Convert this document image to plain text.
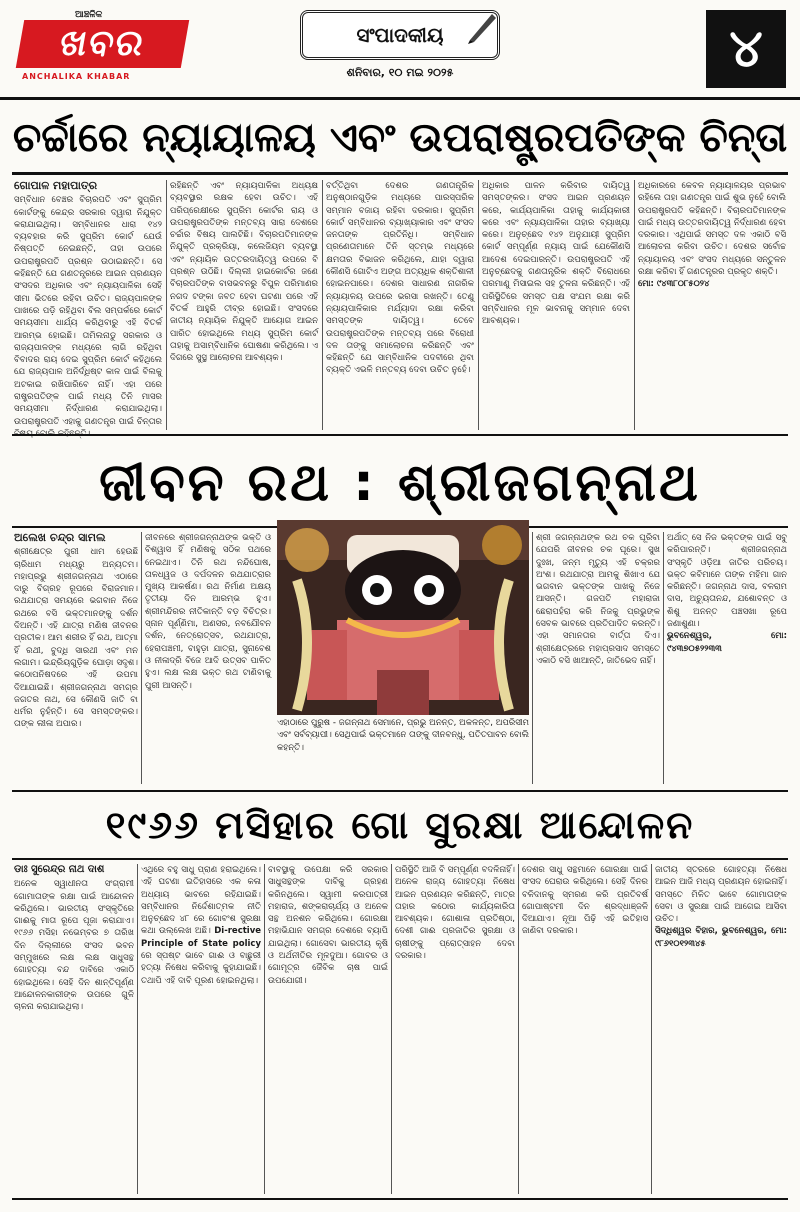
ଖବର
ଆଞ୍ଚଳିକ
ANCHALIKA KHABAR
ସଂପାଦକୀୟ
ଶନିବାର, ୧୦ ମଇ ୨୦୨୫	୪
ଚର୍ଚ୍ଚାରେ ନ୍ୟାୟାଳୟ ଏବଂ ଉପରାଷ୍ଟ୍ରପତିଙ୍କ ଚିନ୍ତା
ଗୋପାଳ ମହାପାତ୍ର
ସମ୍ବିଧାନ ବେଞ୍ଚର ବିଚାରପତି ଏବଂ ସୁପ୍ରିମ କୋର୍ଟଙ୍କୁ କେନ୍ଦ୍ର ସରକାର ଦ୍ୱାରା ନିଯୁକ୍ତ କରାଯାଇଥିଲା। ସମ୍ବିଧାନର ଧାରା ୧୪୨ ବ୍ୟବହାର କରି ସୁପ୍ରିମ କୋର୍ଟ ଯେଉଁ ନିଷ୍ପତ୍ତି ନେଇଛନ୍ତି, ତାହା ଉପରେ ଉପରାଷ୍ଟ୍ରପତି ପ୍ରଶ୍ନ ଉଠାଇଛନ୍ତି। ସେ କହିଛନ୍ତି ଯେ ଗଣତନ୍ତ୍ରରେ ଆଇନ ପ୍ରଣୟନ ସଂସଦର ଅଧିକାର ଏବଂ ନ୍ୟାୟପାଳିକା ସେହି ସୀମା ଭିତରେ ରହିବା ଉଚିତ। ରାଜ୍ୟପାଳଙ୍କ ପାଖରେ ପଡ଼ି ରହିଥିବା ବିଲ ସମ୍ପର୍କରେ କୋର୍ଟ ସମୟସୀମା ଧାର୍ଯ୍ୟ କରିଥିବାରୁ ଏହି ବିତର୍କ ଆରମ୍ଭ ହୋଇଛି। ତାମିଲନାଡୁ ସରକାର ଓ ରାଜ୍ୟପାଳଙ୍କ ମଧ୍ୟରେ ଲାଗି ରହିଥିବା ବିବାଦର ରାୟ ଦେଇ ସୁପ୍ରିମ କୋର୍ଟ କହିଥିଲେ ଯେ ରାଜ୍ୟପାଳ ଅନିର୍ଦ୍ଧିଷ୍ଟ କାଳ ପାଇଁ ବିଲକୁ ଅଟକାଇ ରଖିପାରିବେ ନାହିଁ। ଏହା ପରେ ରାଷ୍ଟ୍ରପତିଙ୍କ ପାଇଁ ମଧ୍ୟ ତିନି ମାସର ସମୟସୀମା ନିର୍ଦ୍ଧାରଣ କରାଯାଇଥିଲା। ଉପରାଷ୍ଟ୍ରପତି ଏହାକୁ ଗଣତନ୍ତ୍ର ପାଇଁ ଚିନ୍ତାର
ରହିଛନ୍ତି ଏବଂ ନ୍ୟାୟପାଳିକା ଅଧ୍ୟକ୍ଷ ବ୍ୟବସ୍ଥାର ରକ୍ଷକ ହେବା ଉଚିତ। ଏହି ପରିପ୍ରେକ୍ଷୀରେ ସୁପ୍ରିମ କୋର୍ଟର ରାୟ ଓ ଉପରାଷ୍ଟ୍ରପତିଙ୍କ ମନ୍ତବ୍ୟ ସାରା ଦେଶରେ ଚର୍ଚ୍ଚାର ବିଷୟ ପାଲଟିଛି। ବିଚାରପତିମାନଙ୍କ ନିଯୁକ୍ତି ପ୍ରକ୍ରିୟା, କଲେଜିୟମ ବ୍ୟବସ୍ଥା ଏବଂ ନ୍ୟାୟିକ ଉତ୍ତରଦାୟିତ୍ୱ ଉପରେ ବି ପ୍ରଶ୍ନ ଉଠିଛି। ଦିଲ୍ଲୀ ହାଇକୋର୍ଟର ଜଣେ ବିଚାରପତିଙ୍କ ବାସଭବନରୁ ବିପୁଳ ପରିମାଣର ନଗଦ ଟଙ୍କା ଜବତ ହେବା ଘଟଣା ପରେ ଏହି ବିତର୍କ ଆହୁରି ତୀବ୍ର ହୋଇଛି। ସଂସଦରେ ଜାତୀୟ ନ୍ୟାୟିକ ନିଯୁକ୍ତି ଆୟୋଗ ଆଇନ ପାରିତ ହୋଇଥିଲେ ମଧ୍ୟ ସୁପ୍ରିମ କୋର୍ଟ ତାହାକୁ ଅସାମ୍ବିଧାନିକ ଘୋଷଣା କରିଥିଲେ। ଏ ଦିଗରେ ସୁସ୍ଥ ଆଲୋଚନା ଆବଶ୍ୟକ।
ବର୍ତ୍ତିଥିବା ଦେଶର ଗଣତାନ୍ତ୍ରିକ ଅନୁଷ୍ଠାନଗୁଡ଼ିକ ମଧ୍ୟରେ ପାରସ୍ପରିକ ସମ୍ମାନ ବଜାୟ ରହିବା ଦରକାର। ସୁପ୍ରିମ କୋର୍ଟ ସମ୍ବିଧାନର ବ୍ୟାଖ୍ୟାକାର ଏବଂ ସଂସଦ ଜନତାଙ୍କ ପ୍ରତିନିଧି। ସମ୍ବିଧାନ ପ୍ରଣେତାମାନେ ତିନି ସ୍ତମ୍ଭ ମଧ୍ୟରେ କ୍ଷମତାର ବିଭାଜନ କରିଥିଲେ, ଯାହା ଦ୍ୱାରା କୌଣସି ଗୋଟିଏ ଅଙ୍ଗ ଅତ୍ୟଧିକ ଶକ୍ତିଶାଳୀ ହୋଇନପାରେ। ଦେଶର ସାଧାରଣ ନାଗରିକ ନ୍ୟାୟାଳୟ ଉପରେ ଭରସା ରଖନ୍ତି। ତେଣୁ ନ୍ୟାୟପାଳିକାର ମର୍ଯ୍ୟାଦା ରକ୍ଷା କରିବା ସମସ୍ତଙ୍କ ଦାୟିତ୍ୱ। ତେବେ ଉପରାଷ୍ଟ୍ରପତିଙ୍କ ମନ୍ତବ୍ୟ ପରେ ବିରୋଧୀ ଦଳ ତାଙ୍କୁ ସମାଲୋଚନା କରିଛନ୍ତି ଏବଂ କହିଛନ୍ତି ଯେ ସାମ୍ବିଧାନିକ ପଦବୀରେ ଥିବା ବ୍ୟକ୍ତି ଏଭଳି ମନ୍ତବ୍ୟ ଦେବା ଉଚିତ ନୁହେଁ।
ଅଧିକାର ପାଳନ କରିବାର ଦାୟିତ୍ୱ ସମସ୍ତଙ୍କର। ସଂସଦ ଆଇନ ପ୍ରଣୟନ କରେ, କାର୍ଯ୍ୟପାଳିକା ତାହାକୁ କାର୍ଯ୍ୟକାରୀ କରେ ଏବଂ ନ୍ୟାୟପାଳିକା ତାହାର ବ୍ୟାଖ୍ୟା କରେ। ଅନୁଚ୍ଛେଦ ୧୪୨ ଅନୁଯାୟୀ ସୁପ୍ରିମ କୋର୍ଟ ସମ୍ପୂର୍ଣ୍ଣ ନ୍ୟାୟ ପାଇଁ ଯେକୌଣସି ଆଦେଶ ଦେଇପାରନ୍ତି। ଉପରାଷ୍ଟ୍ରପତି ଏହି ଅନୁଚ୍ଛେଦକୁ ଗଣତାନ୍ତ୍ରିକ ଶକ୍ତି ବିରୋଧରେ ପରମାଣୁ ମିସାଇଲ ସହ ତୁଳନା କରିଛନ୍ତି। ଏହି ପରିସ୍ଥିତିରେ ସମସ୍ତ ପକ୍ଷ ସଂଯମ ରକ୍ଷା କରି ସମ୍ବିଧାନର ମୂଳ ଭାବନାକୁ ସମ୍ମାନ ଦେବା ଆବଶ୍ୟକ।
ଅଧିକାରରେ କେବଳ ନ୍ୟାୟାଳୟର ପ୍ରଭାବ ରହିଲେ ତାହା ଗଣତନ୍ତ୍ର ପାଇଁ ଶୁଭ ନୁହେଁ ବୋଲି ଉପରାଷ୍ଟ୍ରପତି କହିଛନ୍ତି। ବିଚାରପତିମାନଙ୍କ ପାଇଁ ମଧ୍ୟ ଉତ୍ତରଦାୟିତ୍ୱ ନିର୍ଦ୍ଧାରଣ ହେବା ଦରକାର। ଏଥିପାଇଁ ସମସ୍ତ ଦଳ ଏକାଠି ବସି ଆଲୋଚନା କରିବା ଉଚିତ। ଦେଶର ସର୍ବୋଚ୍ଚ ନ୍ୟାୟାଳୟ ଏବଂ ସଂସଦ ମଧ୍ୟରେ ସନ୍ତୁଳନ ରକ୍ଷା କରିବା ହିଁ ଗଣତନ୍ତ୍ରର ପ୍ରକୃତ ଶକ୍ତି।
ମୋ: ୯୪୩୮୦୮୫୦୨୪
ଜୀବନ ରଥ : ଶ୍ରୀଜଗନ୍ନାଥ
ଅଲେଖ ଚନ୍ଦ୍ର ସାମଲ
ଶ୍ରୀକ୍ଷେତ୍ର ପୁରୀ ଧାମ ହେଉଛି ଚାରିଧାମ ମଧ୍ୟରୁ ଅନ୍ୟତମ। ମହାପ୍ରଭୁ ଶ୍ରୀଜଗନ୍ନାଥ ଏଠାରେ ଦାରୁ ବିଗ୍ରହ ରୂପରେ ବିରାଜମାନ। ରଥଯାତ୍ରା ସମୟରେ ଭଗବାନ ନିଜେ ରଥରେ ବସି ଭକ୍ତମାନଙ୍କୁ ଦର୍ଶନ ଦିଅନ୍ତି। ଏହି ଯାତ୍ରା ମଣିଷ ଜୀବନର ପ୍ରତୀକ। ଆମ ଶରୀର ହିଁ ରଥ, ଆତ୍ମା ହିଁ ରଥୀ, ବୁଦ୍ଧି ସାରଥୀ ଏବଂ ମନ ଲଗାମ। ଇନ୍ଦ୍ରିୟଗୁଡ଼ିକ ଘୋଡ଼ା ସଦୃଶ। କଠୋପନିଷଦରେ ଏହି ଉପମା ଦିଆଯାଇଛି। ଶ୍ରୀଜଗନ୍ନାଥ ସମଗ୍ର ଜଗତର ନାଥ, ସେ କୌଣସି ଜାତି ବା ଧର୍ମର ନୁହଁନ୍ତି। ସେ ସମସ୍ତଙ୍କର। ତାଙ୍କ ଲୀଳା ଅପାର।
ଜୀବନରେ ଶ୍ରୀଜଗନ୍ନାଥଙ୍କ ଭକ୍ତି ଓ ବିଶ୍ୱାସ ହିଁ ମଣିଷକୁ ସଠିକ ପଥରେ ନେଇଥାଏ। ତିନି ରଥ ନନ୍ଦିଘୋଷ, ତାଳଧ୍ୱଜ ଓ ଦର୍ପଦଳନ ରଥଯାତ୍ରାର ମୁଖ୍ୟ ଆକର୍ଷଣ। ରଥ ନିର୍ମାଣ ଅକ୍ଷୟ ତୃତୀୟା ଦିନ ଆରମ୍ଭ ହୁଏ। ଶ୍ରୀମନ୍ଦିରର ନୀତିକାନ୍ତି ବଡ଼ ବିଚିତ୍ର। ସ୍ନାନ ପୂର୍ଣ୍ଣିମା, ଅଣସର, ନବଯୌବନ ଦର୍ଶନ, ନେତ୍ରୋତ୍ସବ, ରଥଯାତ୍ରା, ହେରାପଞ୍ଚମୀ, ବାହୁଡ଼ା ଯାତ୍ରା, ସୁନାବେଶ ଓ ନୀଳାଦ୍ରି ବିଜେ ଆଦି ଉତ୍ସବ ପାଳିତ ହୁଏ। ଲକ୍ଷ ଲକ୍ଷ ଭକ୍ତ ରଥ ଟାଣିବାକୁ ପୁରୀ ଆସନ୍ତି।
ଏହାଠାରେ ପୁରୁଷ - ଜଗନ୍ନାଥ ସେମାନେ, ପ୍ରଭୁ ଅନନ୍ତ, ଅକଳନ୍ତ, ଅପରିସୀମ ଏବଂ ସର୍ବବ୍ୟାପୀ। ସେଥିପାଇଁ ଭକ୍ତମାନେ ତାଙ୍କୁ ଦୀନବନ୍ଧୁ, ପତିତପାବନ ବୋଲି କହନ୍ତି।
ଶ୍ରୀ ଜଗନ୍ନାଥଙ୍କ ରଥ ଚକ ଘୂରିବା ଯେପରି ଜୀବନର ଚକ ଘୂରେ। ସୁଖ ଦୁଃଖ, ଜନ୍ମ ମୃତ୍ୟୁ ଏହି ଚକ୍ରର ଅଂଶ। ରଥଯାତ୍ରା ଆମକୁ ଶିଖାଏ ଯେ ଭଗବାନ ଭକ୍ତଙ୍କ ପାଖକୁ ନିଜେ ଆସନ୍ତି। ଗଜପତି ମହାରାଜା ଛେରାପହଁରା କରି ନିଜକୁ ପ୍ରଭୁଙ୍କ ସେବକ ଭାବରେ ପ୍ରତିପାଦିତ କରନ୍ତି। ଏହା ସମାନତାର ବାର୍ତ୍ତା ଦିଏ। ଶ୍ରୀକ୍ଷେତ୍ରରେ ମହାପ୍ରସାଦ ସମସ୍ତେ ଏକାଠି ବସି ଖାଆନ୍ତି, ଜାତିଭେଦ ନାହିଁ।
ଅର୍ଥାତ୍ ସେ ନିଜ ଭକ୍ତଙ୍କ ପାଇଁ ସବୁ କରିପାରନ୍ତି। ଶ୍ରୀଜଗନ୍ନାଥ ସଂସ୍କୃତି ଓଡ଼ିଆ ଜାତିର ପରିଚୟ। ଭକ୍ତ କବିମାନେ ତାଙ୍କ ମହିମା ଗାନ କରିଛନ୍ତି। ଜଗନ୍ନାଥ ଦାସ, ବଳରାମ ଦାସ, ଅଚ୍ୟୁତାନନ୍ଦ, ଯଶୋବନ୍ତ ଓ ଶିଶୁ ଅନନ୍ତ ପଞ୍ଚସଖା ରୂପେ ଜଣାଶୁଣା।
ଭୁବନେଶ୍ୱର, ମୋ: ୯୪୩୭୦୫୨୨୩୩
୧୯୬୬ ମସିହାର ଗୋ ସୁରକ୍ଷା ଆନ୍ଦୋଳନ
ଡାଃ ସୁରେନ୍ଦ୍ର ନାଥ ଦାଶ
ଅନେକ ସ୍ୱାଧୀନତା ସଂଗ୍ରାମୀ ଗୋମାତାଙ୍କ ରକ୍ଷା ପାଇଁ ଆନ୍ଦୋଳନ କରିଥିଲେ। ଭାରତୀୟ ସଂସ୍କୃତିରେ ଗାଈକୁ ମାତା ରୂପେ ପୂଜା କରାଯାଏ। ୧୯୬୬ ମସିହା ନଭେମ୍ବର ୭ ତାରିଖ ଦିନ ଦିଲ୍ଲୀରେ ସଂସଦ ଭବନ ସମ୍ମୁଖରେ ଲକ୍ଷ ଲକ୍ଷ ସାଧୁସନ୍ଥ ଗୋହତ୍ୟା ବନ୍ଦ ଦାବିରେ ଏକାଠି ହୋଇଥିଲେ। ସେହି ଦିନ ଶାନ୍ତିପୂର୍ଣ୍ଣ ଆନ୍ଦୋଳନକାରୀଙ୍କ ଉପରେ ଗୁଳି ଚାଳନା କରାଯାଇଥିଲା।
ଏଥିରେ ବହୁ ସାଧୁ ପ୍ରାଣ ହରାଇଥିଲେ। ଏହି ଘଟଣା ଇତିହାସରେ ଏକ କଳା ଅଧ୍ୟାୟ ଭାବରେ ରହିଯାଇଛି। ସମ୍ବିଧାନର ନିର୍ଦ୍ଦେଶାତ୍ମକ ନୀତି ଅନୁଚ୍ଛେଦ ୪୮ ରେ ଗୋବଂଶ ସୁରକ୍ଷା କଥା ଉଲ୍ଲେଖ ଅଛି। Di-rective Principle of State policy ରେ ସ୍ପଷ୍ଟ ଭାବେ ଗାଈ ଓ ବାଛୁରୀ ହତ୍ୟା ନିଷେଧ କରିବାକୁ କୁହାଯାଇଛି। ତଥାପି ଏହି ଦାବି ପୂରଣ ହୋଇନଥିଲା।
ବାବସ୍ଥାକୁ ଉପେକ୍ଷା କରି ସରକାର ସାଧୁସନ୍ଥଙ୍କ ଦାବିକୁ ଗ୍ରହଣ କରିନଥିଲେ। ସ୍ୱାମୀ କରପାତ୍ରୀ ମହାରାଜ, ଶଙ୍କରାଚାର୍ଯ୍ୟ ଓ ଅନେକ ସନ୍ଥ ଅନଶନ କରିଥିଲେ। ଗୋରକ୍ଷା ମହାଭିଯାନ ସମଗ୍ର ଦେଶରେ ବ୍ୟାପି ଯାଇଥିଲା। ଗୋସେବା ଭାରତୀୟ କୃଷି ଓ ଅର୍ଥନୀତିର ମୂଳଦୁଆ। ଗୋବର ଓ ଗୋମୂତ୍ର ଜୈବିକ ଚାଷ ପାଇଁ ଉପଯୋଗୀ।
ପରିସ୍ଥିତି ଆଜି ବି ସମ୍ପୂର୍ଣ୍ଣ ବଦଳିନାହିଁ। ଅନେକ ରାଜ୍ୟ ଗୋହତ୍ୟା ନିଷେଧ ଆଇନ ପ୍ରଣୟନ କରିଛନ୍ତି, ମାତ୍ର ତାହାର କଠୋର କାର୍ଯ୍ୟକାରିତା ଆବଶ୍ୟକ। ଗୋଶାଳା ପ୍ରତିଷ୍ଠା, ଦେଶୀ ଗାଈ ପ୍ରଜାତିର ସୁରକ୍ଷା ଓ ଚାଷୀଙ୍କୁ ପ୍ରୋତ୍ସାହନ ଦେବା ଦରକାର।
ଦେଶର ସାଧୁ ସନ୍ଥମାନେ ଗୋରକ୍ଷା ପାଇଁ ସଂସଦ ଘେରାଉ କରିଥିଲେ। ସେହି ଦିନର ବଳିଦାନକୁ ସ୍ମରଣ କରି ପ୍ରତିବର୍ଷ ଗୋପାଷ୍ଟମୀ ଦିନ ଶ୍ରଦ୍ଧାଞ୍ଜଳି ଦିଆଯାଏ। ନୂଆ ପିଢ଼ି ଏହି ଇତିହାସ ଜାଣିବା ଦରକାର।
ଜାତୀୟ ସ୍ତରରେ ଗୋହତ୍ୟା ନିଷେଧ ଆଇନ ଆଜି ମଧ୍ୟ ପ୍ରଣୟନ ହୋଇନାହିଁ। ସମସ୍ତେ ମିଳିତ ଭାବେ ଗୋମାତାଙ୍କ ସେବା ଓ ସୁରକ୍ଷା ପାଇଁ ଆଗେଇ ଆସିବା ଉଚିତ।
ସିଦ୍ଧିଶ୍ୱର ବିହାର, ଭୁବନେଶ୍ୱର, ମୋ: ୯୮୬୧୦୧୨୩୪୫
